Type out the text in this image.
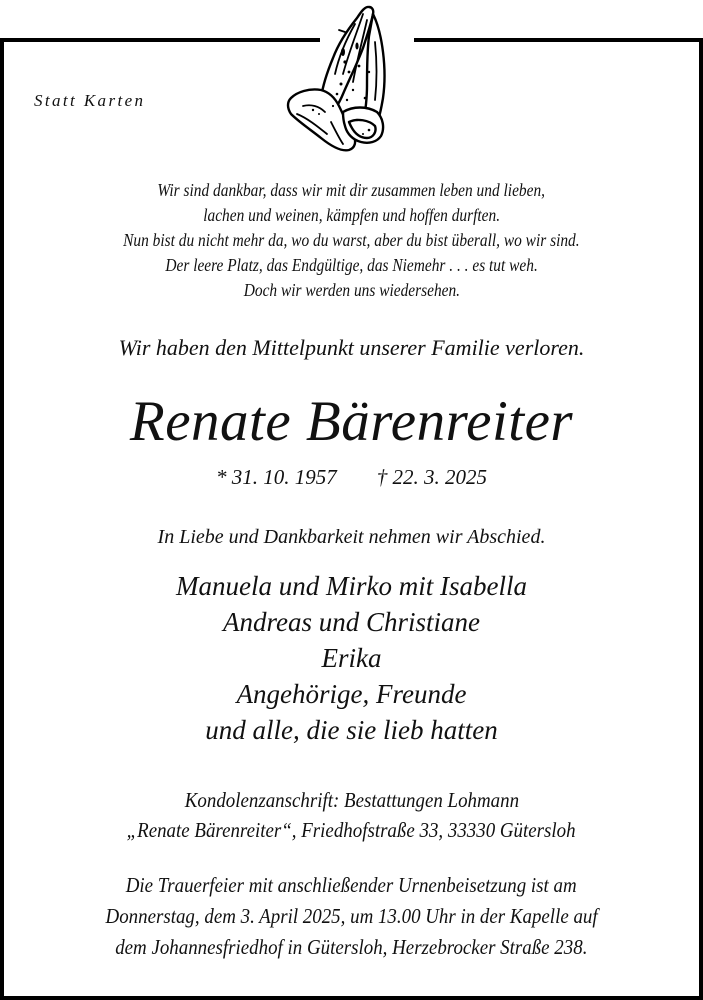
Statt Karten
Wir sind dankbar, dass wir mit dir zusammen leben und lieben,
lachen und weinen, kämpfen und hoffen durften.
Nun bist du nicht mehr da, wo du warst, aber du bist überall, wo wir sind.
Der leere Platz, das Endgültige, das Niemehr . . . es tut weh.
Doch wir werden uns wiedersehen.
Wir haben den Mittelpunkt unserer Familie verloren.
Renate Bärenreiter
* 31. 10. 1957 † 22. 3. 2025
In Liebe und Dankbarkeit nehmen wir Abschied.
Manuela und Mirko mit Isabella
Andreas und Christiane
Erika
Angehörige, Freunde
und alle, die sie lieb hatten
Kondolenzanschrift: Bestattungen Lohmann
„Renate Bärenreiter“, Friedhofstraße 33, 33330 Gütersloh
Die Trauerfeier mit anschließender Urnenbeisetzung ist am
Donnerstag, dem 3. April 2025, um 13.00 Uhr in der Kapelle auf
dem Johannesfriedhof in Gütersloh, Herzebrocker Straße 238.
